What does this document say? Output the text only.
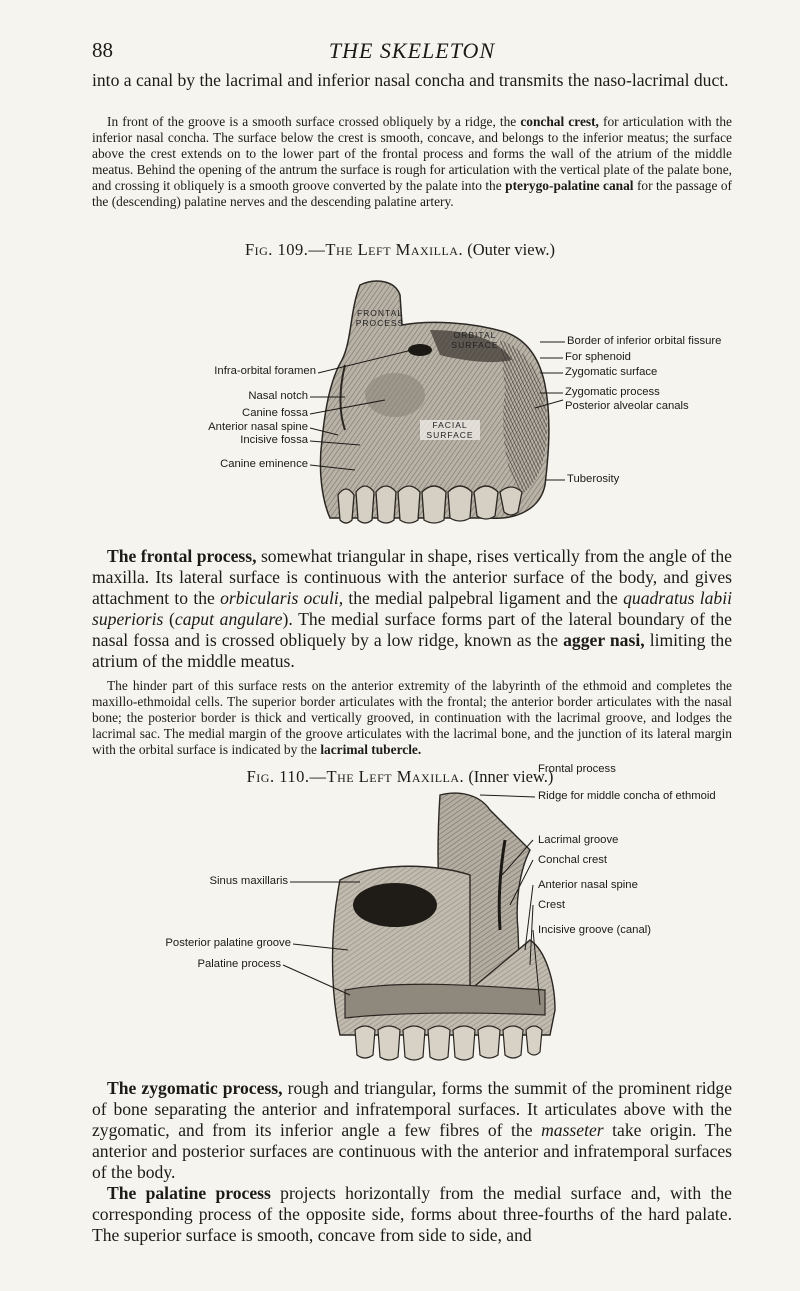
88	THE SKELETON

into a canal by the lacrimal and inferior nasal concha and transmits the naso-lacrimal duct.

In front of the groove is a smooth surface crossed obliquely by a ridge, the conchal crest, for articulation with the inferior nasal concha. The surface below the crest is smooth, concave, and belongs to the inferior meatus; the surface above the crest extends on to the lower part of the frontal process and forms the wall of the atrium of the middle meatus. Behind the opening of the antrum the surface is rough for articulation with the vertical plate of the palate bone, and crossing it obliquely is a smooth groove converted by the palate into the pterygo-palatine canal for the passage of the (descending) palatine nerves and the descending palatine artery.

Fig. 109.—The Left Maxilla. (Outer view.)
FRONTAL
PROCESS
ORBITAL
SURFACE
FACIAL
SURFACE
Infra-orbital foramen
Nasal notch
Canine fossa
Anterior nasal spine
Incisive fossa
Canine eminence
Border of inferior orbital fissure
For sphenoid
Zygomatic surface
Zygomatic process
Posterior alveolar canals
Tuberosity

The frontal process, somewhat triangular in shape, rises vertically from the angle of the maxilla. Its lateral surface is continuous with the anterior surface of the body, and gives attachment to the orbicularis oculi, the medial palpebral ligament and the quadratus labii superioris (caput angulare). The medial surface forms part of the lateral boundary of the nasal fossa and is crossed obliquely by a low ridge, known as the agger nasi, limiting the atrium of the middle meatus.

The hinder part of this surface rests on the anterior extremity of the labyrinth of the ethmoid and completes the maxillo-ethmoidal cells. The superior border articulates with the frontal; the anterior border articulates with the nasal bone; the posterior border is thick and vertically grooved, in continuation with the lacrimal groove, and lodges the lacrimal sac. The medial margin of the groove articulates with the lacrimal bone, and the junction of its lateral margin with the orbital surface is indicated by the lacrimal tubercle.

Fig. 110.—The Left Maxilla. (Inner view.)
Frontal process
Ridge for middle concha of ethmoid
Lacrimal groove
Conchal crest
Anterior nasal spine
Crest
Incisive groove (canal)
Sinus maxillaris
Posterior palatine groove
Palatine process

The zygomatic process, rough and triangular, forms the summit of the prominent ridge of bone separating the anterior and infratemporal surfaces. It articulates above with the zygomatic, and from its inferior angle a few fibres of the masseter take origin. The anterior and posterior surfaces are continuous with the anterior and infratemporal surfaces of the body.

The palatine process projects horizontally from the medial surface and, with the corresponding process of the opposite side, forms about three-fourths of the hard palate. The superior surface is smooth, concave from side to side, and
